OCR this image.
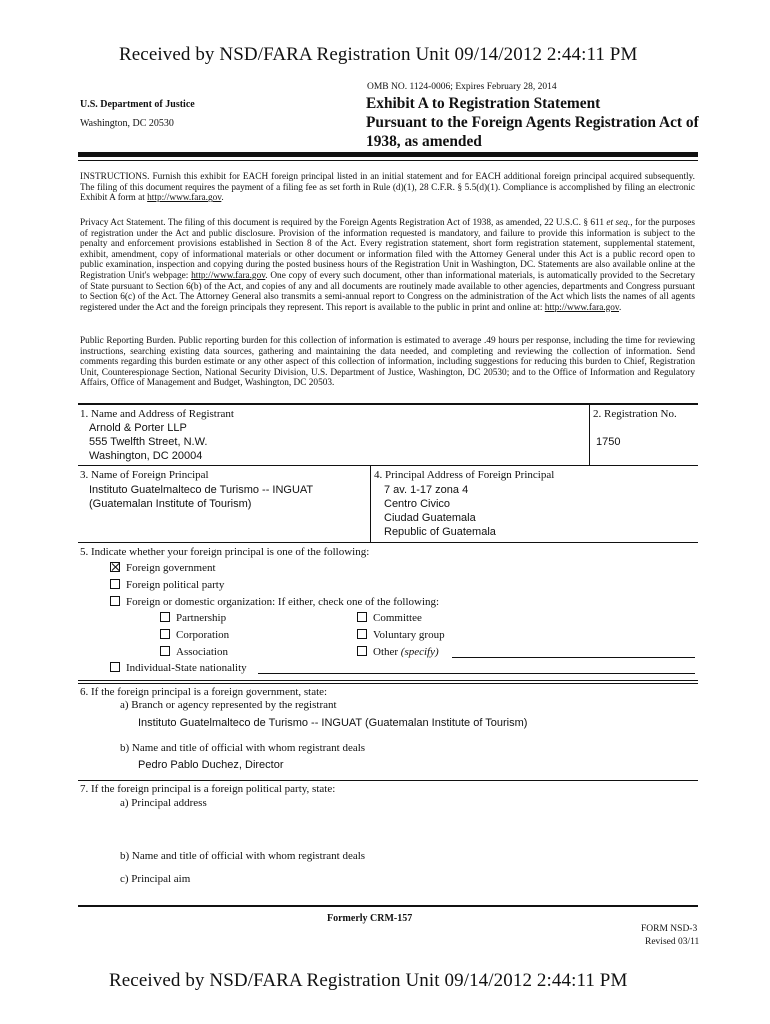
Received by NSD/FARA Registration Unit 09/14/2012 2:44:11 PM
OMB NO. 1124-0006; Expires February 28, 2014
U.S. Department of Justice
Washington, DC 20530
Exhibit A to Registration Statement
Pursuant to the Foreign Agents Registration Act of
1938, as amended
INSTRUCTIONS. Furnish this exhibit for EACH foreign principal listed in an initial statement and for EACH additional foreign principal acquired subsequently. The filing of this document requires the payment of a filing fee as set forth in Rule (d)(1), 28 C.F.R. § 5.5(d)(1). Compliance is accomplished by filing an electronic Exhibit A form at http://www.fara.gov.
Privacy Act Statement. The filing of this document is required by the Foreign Agents Registration Act of 1938, as amended, 22 U.S.C. § 611 et seq., for the purposes of registration under the Act and public disclosure. Provision of the information requested is mandatory, and failure to provide this information is subject to the penalty and enforcement provisions established in Section 8 of the Act. Every registration statement, short form registration statement, supplemental statement, exhibit, amendment, copy of informational materials or other document or information filed with the Attorney General under this Act is a public record open to public examination, inspection and copying during the posted business hours of the Registration Unit in Washington, DC. Statements are also available online at the Registration Unit's webpage: http://www.fara.gov. One copy of every such document, other than informational materials, is automatically provided to the Secretary of State pursuant to Section 6(b) of the Act, and copies of any and all documents are routinely made available to other agencies, departments and Congress pursuant to Section 6(c) of the Act. The Attorney General also transmits a semi-annual report to Congress on the administration of the Act which lists the names of all agents registered under the Act and the foreign principals they represent. This report is available to the public in print and online at: http://www.fara.gov.
Public Reporting Burden. Public reporting burden for this collection of information is estimated to average .49 hours per response, including the time for reviewing instructions, searching existing data sources, gathering and maintaining the data needed, and completing and reviewing the collection of information. Send comments regarding this burden estimate or any other aspect of this collection of information, including suggestions for reducing this burden to Chief, Registration Unit, Counterespionage Section, National Security Division, U.S. Department of Justice, Washington, DC 20530; and to the Office of Information and Regulatory Affairs, Office of Management and Budget, Washington, DC 20503.
1. Name and Address of Registrant
Arnold & Porter LLP
555 Twelfth Street, N.W.
Washington, DC 20004
2. Registration No.
1750
3. Name of Foreign Principal
Instituto Guatelmalteco de Turismo -- INGUAT
(Guatemalan Institute of Tourism)
4. Principal Address of Foreign Principal
7 av. 1-17 zona 4
Centro Civico
Ciudad Guatemala
Republic of Guatemala
5. Indicate whether your foreign principal is one of the following:
Foreign government
Foreign political party
Foreign or domestic organization: If either, check one of the following:
Partnership
Corporation
Association
Committee
Voluntary group
Other (specify)
Individual-State nationality
6. If the foreign principal is a foreign government, state:
a) Branch or agency represented by the registrant
Instituto Guatelmalteco de Turismo -- INGUAT (Guatemalan Institute of Tourism)
b) Name and title of official with whom registrant deals
Pedro Pablo Duchez, Director
7. If the foreign principal is a foreign political party, state:
a) Principal address
b) Name and title of official with whom registrant deals
c) Principal aim
Formerly CRM-157
FORM NSD-3
Revised 03/11
Received by NSD/FARA Registration Unit 09/14/2012 2:44:11 PM
